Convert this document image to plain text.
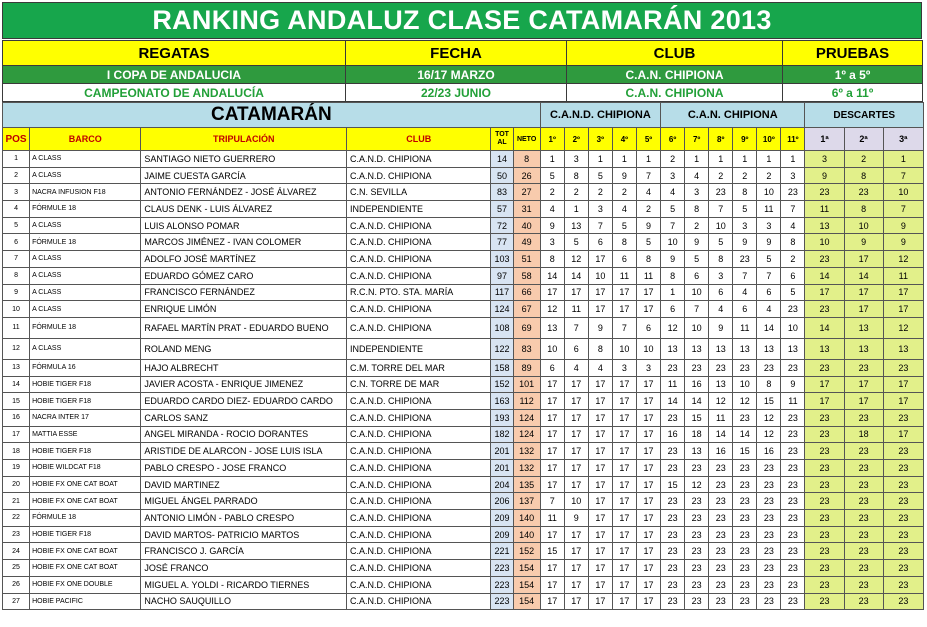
RANKING ANDALUZ CLASE CATAMARÁN 2013
REGATAS	FECHA	CLUB	PRUEBAS
I COPA DE ANDALUCIA	16/17 MARZO	C.A.N. CHIPIONA	1º a 5º
CAMPEONATO DE ANDALUCÍA	22/23 JUNIO	C.A.N. CHIPIONA	6º a 11º
CATAMARÁN						C.A.N.D. CHIPIONA					C.A.N. CHIPIONA						DESCARTES		
POS	BARCO	TRIPULACIÓN	CLUB	TOT AL	NETO	1º	2º	3º	4º	5º	6º	7º	8º	9º	10º	11º	1ª	2ª	3ª
1	A CLASS	SANTIAGO NIETO GUERRERO	C.A.N.D. CHIPIONA	14	8	1	3	1	1	1	2	1	1	1	1	1	3	2	1
2	A CLASS	JAIME CUESTA GARCÍA	C.A.N.D. CHIPIONA	50	26	5	8	5	9	7	3	4	2	2	2	3	9	8	7
3	NACRA INFUSION F18	ANTONIO FERNÁNDEZ - JOSÉ ÁLVAREZ	C.N. SEVILLA	83	27	2	2	2	2	4	4	3	23	8	10	23	23	23	10
4	FÓRMULE 18	CLAUS DENK - LUIS ÁLVAREZ	INDEPENDIENTE	57	31	4	1	3	4	2	5	8	7	5	11	7	11	8	7
5	A CLASS	LUIS ALONSO POMAR	C.A.N.D. CHIPIONA	72	40	9	13	7	5	9	7	2	10	3	3	4	13	10	9
6	FÓRMULE 18	MARCOS JIMÉNEZ - IVAN COLOMER	C.A.N.D. CHIPIONA	77	49	3	5	6	8	5	10	9	5	9	9	8	10	9	9
7	A CLASS	ADOLFO JOSÉ MARTÍNEZ	C.A.N.D. CHIPIONA	103	51	8	12	17	6	8	9	5	8	23	5	2	23	17	12
8	A CLASS	EDUARDO GÓMEZ CARO	C.A.N.D. CHIPIONA	97	58	14	14	10	11	11	8	6	3	7	7	6	14	14	11
9	A CLASS	FRANCISCO FERNÁNDEZ	R.C.N. PTO. STA. MARÍA	117	66	17	17	17	17	17	1	10	6	4	6	5	17	17	17
10	A CLASS	ENRIQUE LIMÓN	C.A.N.D. CHIPIONA	124	67	12	11	17	17	17	6	7	4	6	4	23	23	17	17
11	FÓRMULE 18	RAFAEL MARTÍN PRAT - EDUARDO BUENO	C.A.N.D. CHIPIONA	108	69	13	7	9	7	6	12	10	9	11	14	10	14	13	12
12	A CLASS	ROLAND MENG	INDEPENDIENTE	122	83	10	6	8	10	10	13	13	13	13	13	13	13	13	13
13	FÓRMULA 16	HAJO ALBRECHT	C.M. TORRE DEL MAR	158	89	6	4	4	3	3	23	23	23	23	23	23	23	23	23
14	HOBIE TIGER F18	JAVIER ACOSTA - ENRIQUE JIMENEZ	C.N. TORRE DE MAR	152	101	17	17	17	17	17	11	16	13	10	8	9	17	17	17
15	HOBIE TIGER F18	EDUARDO CARDO DIEZ- EDUARDO CARDO	C.A.N.D. CHIPIONA	163	112	17	17	17	17	17	14	14	12	12	15	11	17	17	17
16	NACRA INTER 17	CARLOS SANZ	C.A.N.D. CHIPIONA	193	124	17	17	17	17	17	23	15	11	23	12	23	23	23	23
17	MATTIA ESSE	ANGEL MIRANDA - ROCIO DORANTES	C.A.N.D. CHIPIONA	182	124	17	17	17	17	17	16	18	14	14	12	23	23	18	17
18	HOBIE TIGER F18	ARISTIDE DE ALARCON - JOSE LUIS ISLA	C.A.N.D. CHIPIONA	201	132	17	17	17	17	17	23	13	16	15	16	23	23	23	23
19	HOBIE WILDCAT F18	PABLO CRESPO - JOSE FRANCO	C.A.N.D. CHIPIONA	201	132	17	17	17	17	17	23	23	23	23	23	23	23	23	23
20	HOBIE FX ONE CAT BOAT	DAVID MARTINEZ	C.A.N.D. CHIPIONA	204	135	17	17	17	17	17	15	12	23	23	23	23	23	23	23
21	HOBIE FX ONE CAT BOAT	MIGUEL ÁNGEL PARRADO	C.A.N.D. CHIPIONA	206	137	7	10	17	17	17	23	23	23	23	23	23	23	23	23
22	FÓRMULE 18	ANTONIO LIMÓN - PABLO CRESPO	C.A.N.D. CHIPIONA	209	140	11	9	17	17	17	23	23	23	23	23	23	23	23	23
23	HOBIE TIGER F18	DAVID MARTOS- PATRICIO MARTOS	C.A.N.D. CHIPIONA	209	140	17	17	17	17	17	23	23	23	23	23	23	23	23	23
24	HOBIE FX ONE CAT BOAT	FRANCISCO J. GARCÍA	C.A.N.D. CHIPIONA	221	152	15	17	17	17	17	23	23	23	23	23	23	23	23	23
25	HOBIE FX ONE CAT BOAT	JOSÉ FRANCO	C.A.N.D. CHIPIONA	223	154	17	17	17	17	17	23	23	23	23	23	23	23	23	23
26	HOBIE FX ONE DOUBLE	MIGUEL A. YOLDI - RICARDO TIERNES	C.A.N.D. CHIPIONA	223	154	17	17	17	17	17	23	23	23	23	23	23	23	23	23
27	HOBIE PACIFIC	NACHO SAUQUILLO	C.A.N.D. CHIPIONA	223	154	17	17	17	17	17	23	23	23	23	23	23	23	23	23
